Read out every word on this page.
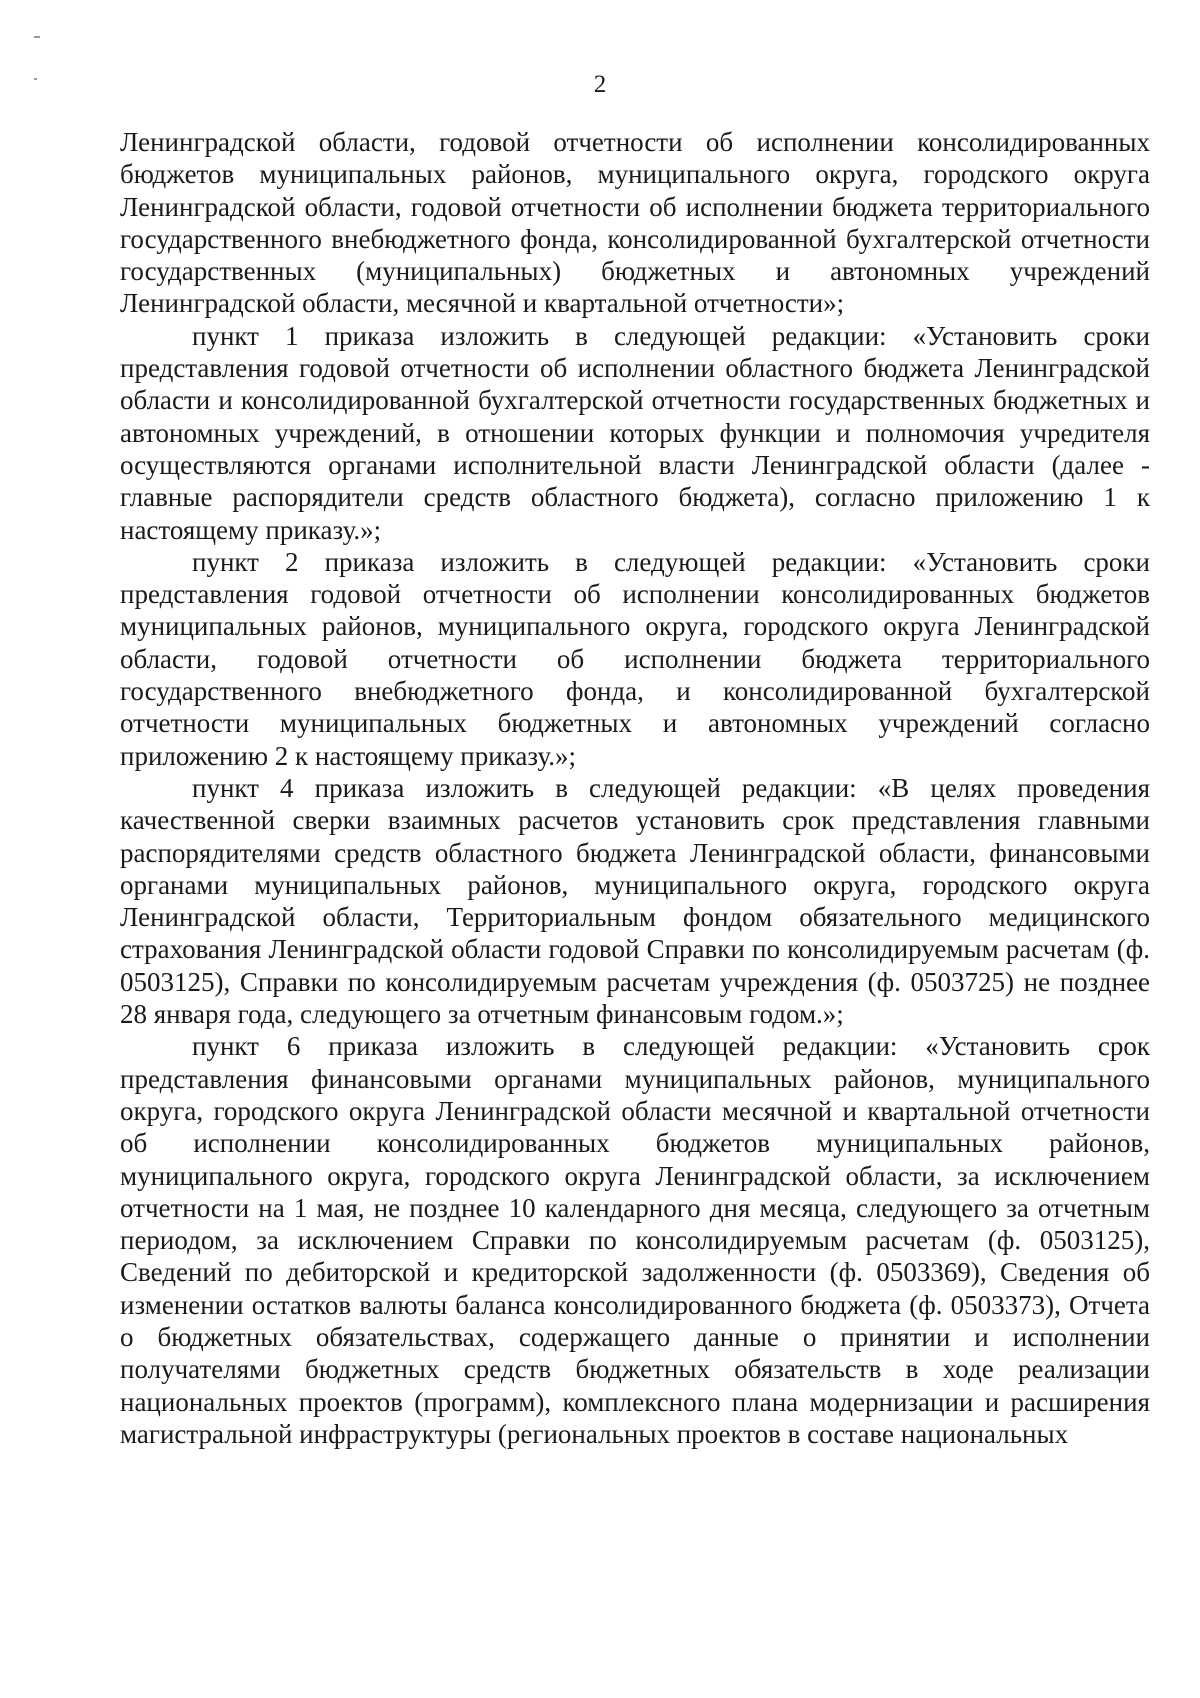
2

Ленинградской области, годовой отчетности об исполнении консолидированных бюджетов муниципальных районов, муниципального округа, городского округа Ленинградской области, годовой отчетности об исполнении бюджета территориального государственного внебюджетного фонда, консолидированной бухгалтерской отчетности государственных (муниципальных) бюджетных и автономных учреждений Ленинградской области, месячной и квартальной отчетности»;

пункт 1 приказа изложить в следующей редакции: «Установить сроки представления годовой отчетности об исполнении областного бюджета Ленинградской области и консолидированной бухгалтерской отчетности государственных бюджетных и автономных учреждений, в отношении которых функции и полномочия учредителя осуществляются органами исполнительной власти Ленинградской области (далее - главные распорядители средств областного бюджета), согласно приложению 1 к настоящему приказу.»;

пункт 2 приказа изложить в следующей редакции: «Установить сроки представления годовой отчетности об исполнении консолидированных бюджетов муниципальных районов, муниципального округа, городского округа Ленинградской области, годовой отчетности об исполнении бюджета территориального государственного внебюджетного фонда, и консолидированной бухгалтерской отчетности муниципальных бюджетных и автономных учреждений согласно приложению 2 к настоящему приказу.»;

пункт 4 приказа изложить в следующей редакции: «В целях проведения качественной сверки взаимных расчетов установить срок представления главными распорядителями средств областного бюджета Ленинградской области, финансовыми органами муниципальных районов, муниципального округа, городского округа Ленинградской области, Территориальным фондом обязательного медицинского страхования Ленинградской области годовой Справки по консолидируемым расчетам (ф. 0503125), Справки по консолидируемым расчетам учреждения (ф. 0503725) не позднее 28 января года, следующего за отчетным финансовым годом.»;

пункт 6 приказа изложить в следующей редакции: «Установить срок представления финансовыми органами муниципальных районов, муниципального округа, городского округа Ленинградской области месячной и квартальной отчетности об исполнении консолидированных бюджетов муниципальных районов, муниципального округа, городского округа Ленинградской области, за исключением отчетности на 1 мая, не позднее 10 календарного дня месяца, следующего за отчетным периодом, за исключением Справки по консолидируемым расчетам (ф. 0503125), Сведений по дебиторской и кредиторской задолженности (ф. 0503369), Сведения об изменении остатков валюты баланса консолидированного бюджета (ф. 0503373), Отчета о бюджетных обязательствах, содержащего данные о принятии и исполнении получателями бюджетных средств бюджетных обязательств в ходе реализации национальных проектов (программ), комплексного плана модернизации и расширения магистральной инфраструктуры (региональных проектов в составе национальных
